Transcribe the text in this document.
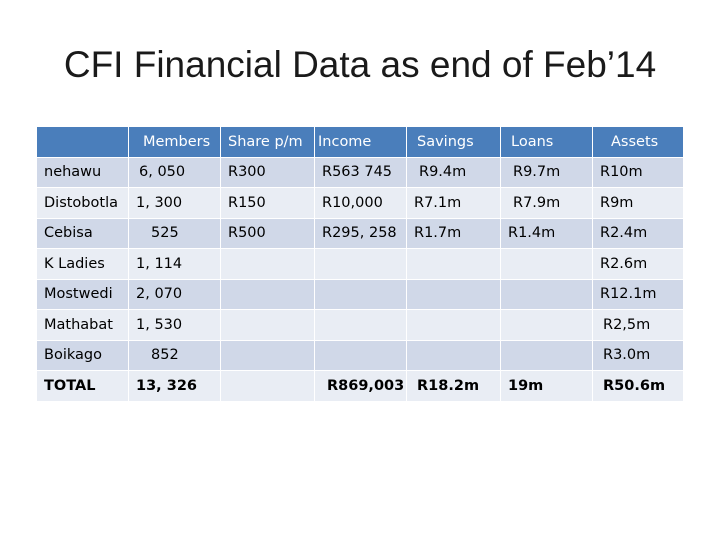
CFI Financial Data as end of Feb’14
	Members	Share p/m	Income	Savings	Loans	Assets
nehawu	6, 050	R300	R563 745	R9.4m	R9.7m	R10m
Distobotla	1, 300	R150	R10,000	R7.1m	R7.9m	R9m
Cebisa	525	R500	R295, 258	R1.7m	R1.4m	R2.4m
K Ladies	1, 114					R2.6m
Mostwedi	2, 070					R12.1m
Mathabat	1, 530					R2,5m
Boikago	852					R3.0m
TOTAL	13, 326		R869,003	R18.2m	19m	R50.6m
